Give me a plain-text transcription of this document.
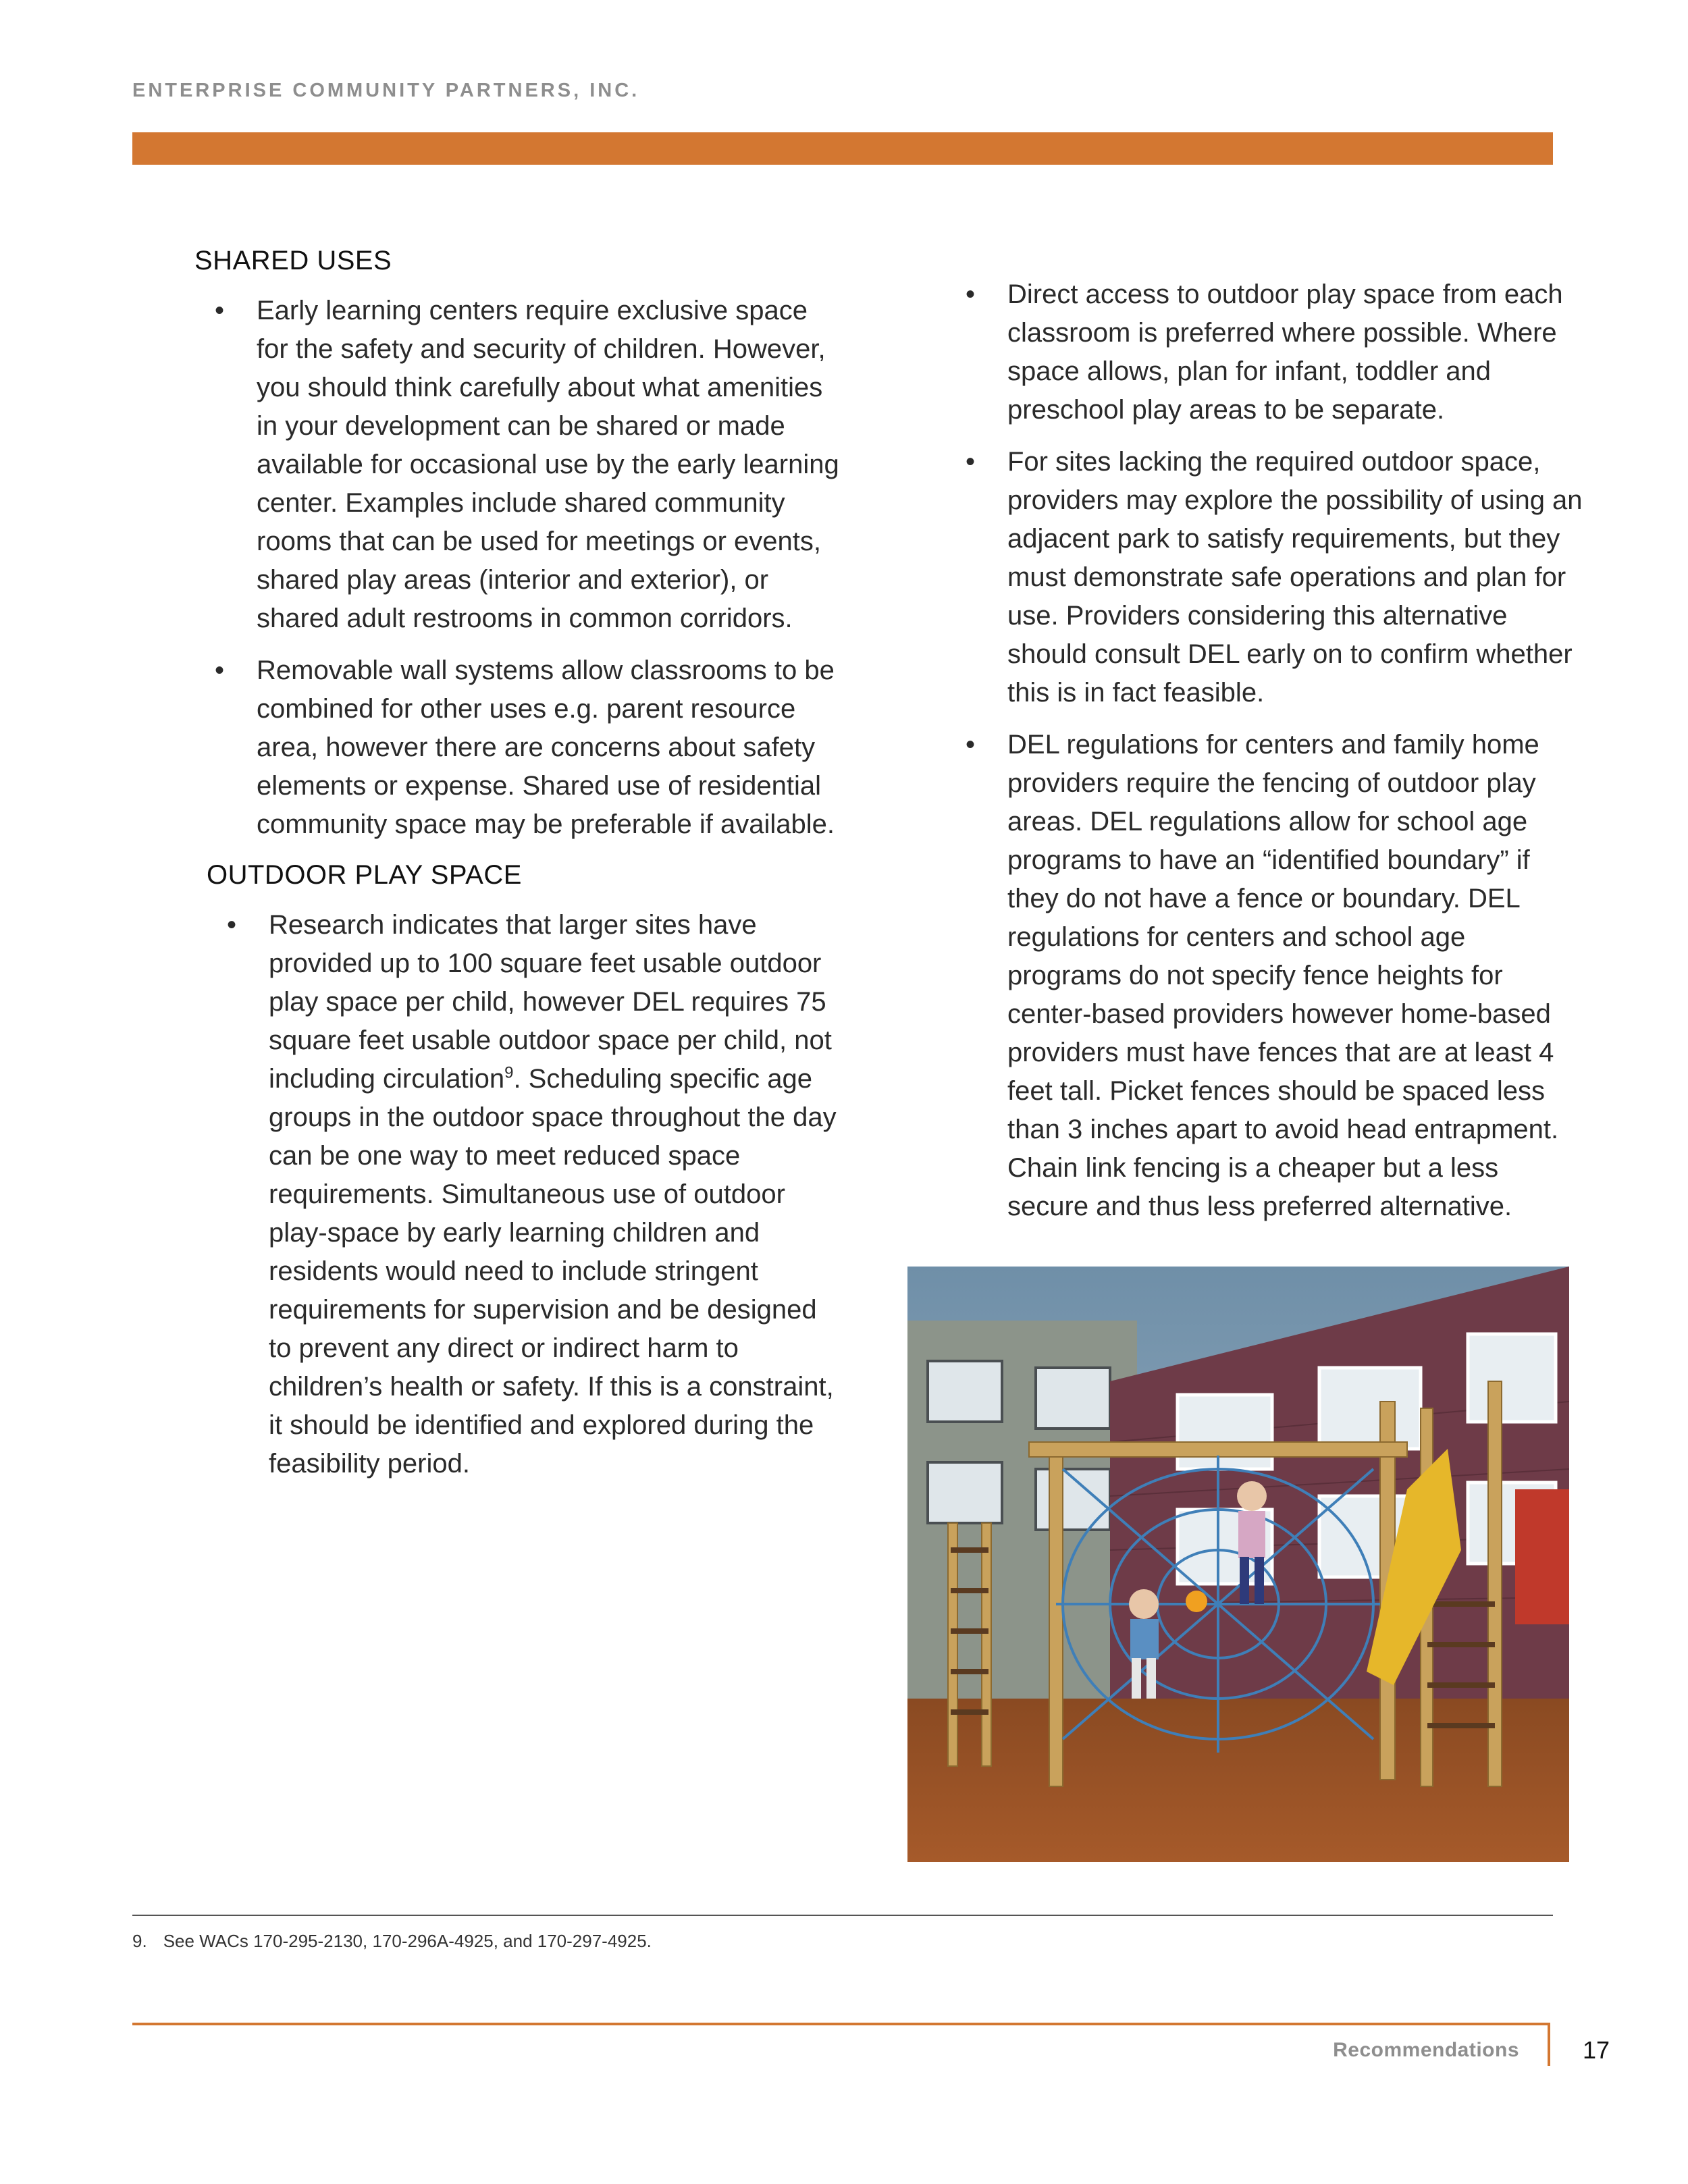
ENTERPRISE COMMUNITY PARTNERS, INC.
SHARED USES
• Early learning centers require exclusive space for the safety and security of children. However, you should think carefully about what amenities in your development can be shared or made available for occasional use by the early learning center. Examples include shared community rooms that can be used for meetings or events, shared play areas (interior and exterior), or shared adult restrooms in common corridors.
• Removable wall systems allow classrooms to be combined for other uses e.g. parent resource area, however there are concerns about safety elements or expense. Shared use of residential community space may be preferable if available.
OUTDOOR PLAY SPACE
• Research indicates that larger sites have provided up to 100 square feet usable outdoor play space per child, however DEL requires 75 square feet usable outdoor space per child, not including circulation$^9$. Scheduling specific age groups in the outdoor space throughout the day can be one way to meet reduced space requirements. Simultaneous use of outdoor play-space by early learning children and residents would need to include stringent requirements for supervision and be designed to prevent any direct or indirect harm to children’s health or safety. If this is a constraint, it should be identified and explored during the feasibility period.
• Direct access to outdoor play space from each classroom is preferred where possible. Where space allows, plan for infant, toddler and preschool play areas to be separate.
• For sites lacking the required outdoor space, providers may explore the possibility of using an adjacent park to satisfy requirements, but they must demonstrate safe operations and plan for use. Providers considering this alternative should consult DEL early on to confirm whether this is in fact feasible.
• DEL regulations for centers and family home providers require the fencing of outdoor play areas. DEL regulations allow for school age programs to have an “identified boundary” if they do not have a fence or boundary. DEL regulations for centers and school age programs do not specify fence heights for center-based providers however home-based providers must have fences that are at least 4 feet tall. Picket fences should be spaced less than 3 inches apart to avoid head entrapment. Chain link fencing is a cheaper but a less secure and thus less preferred alternative.
9. See WACs 170-295-2130, 170-296A-4925, and 170-297-4925.
Recommendations	17
